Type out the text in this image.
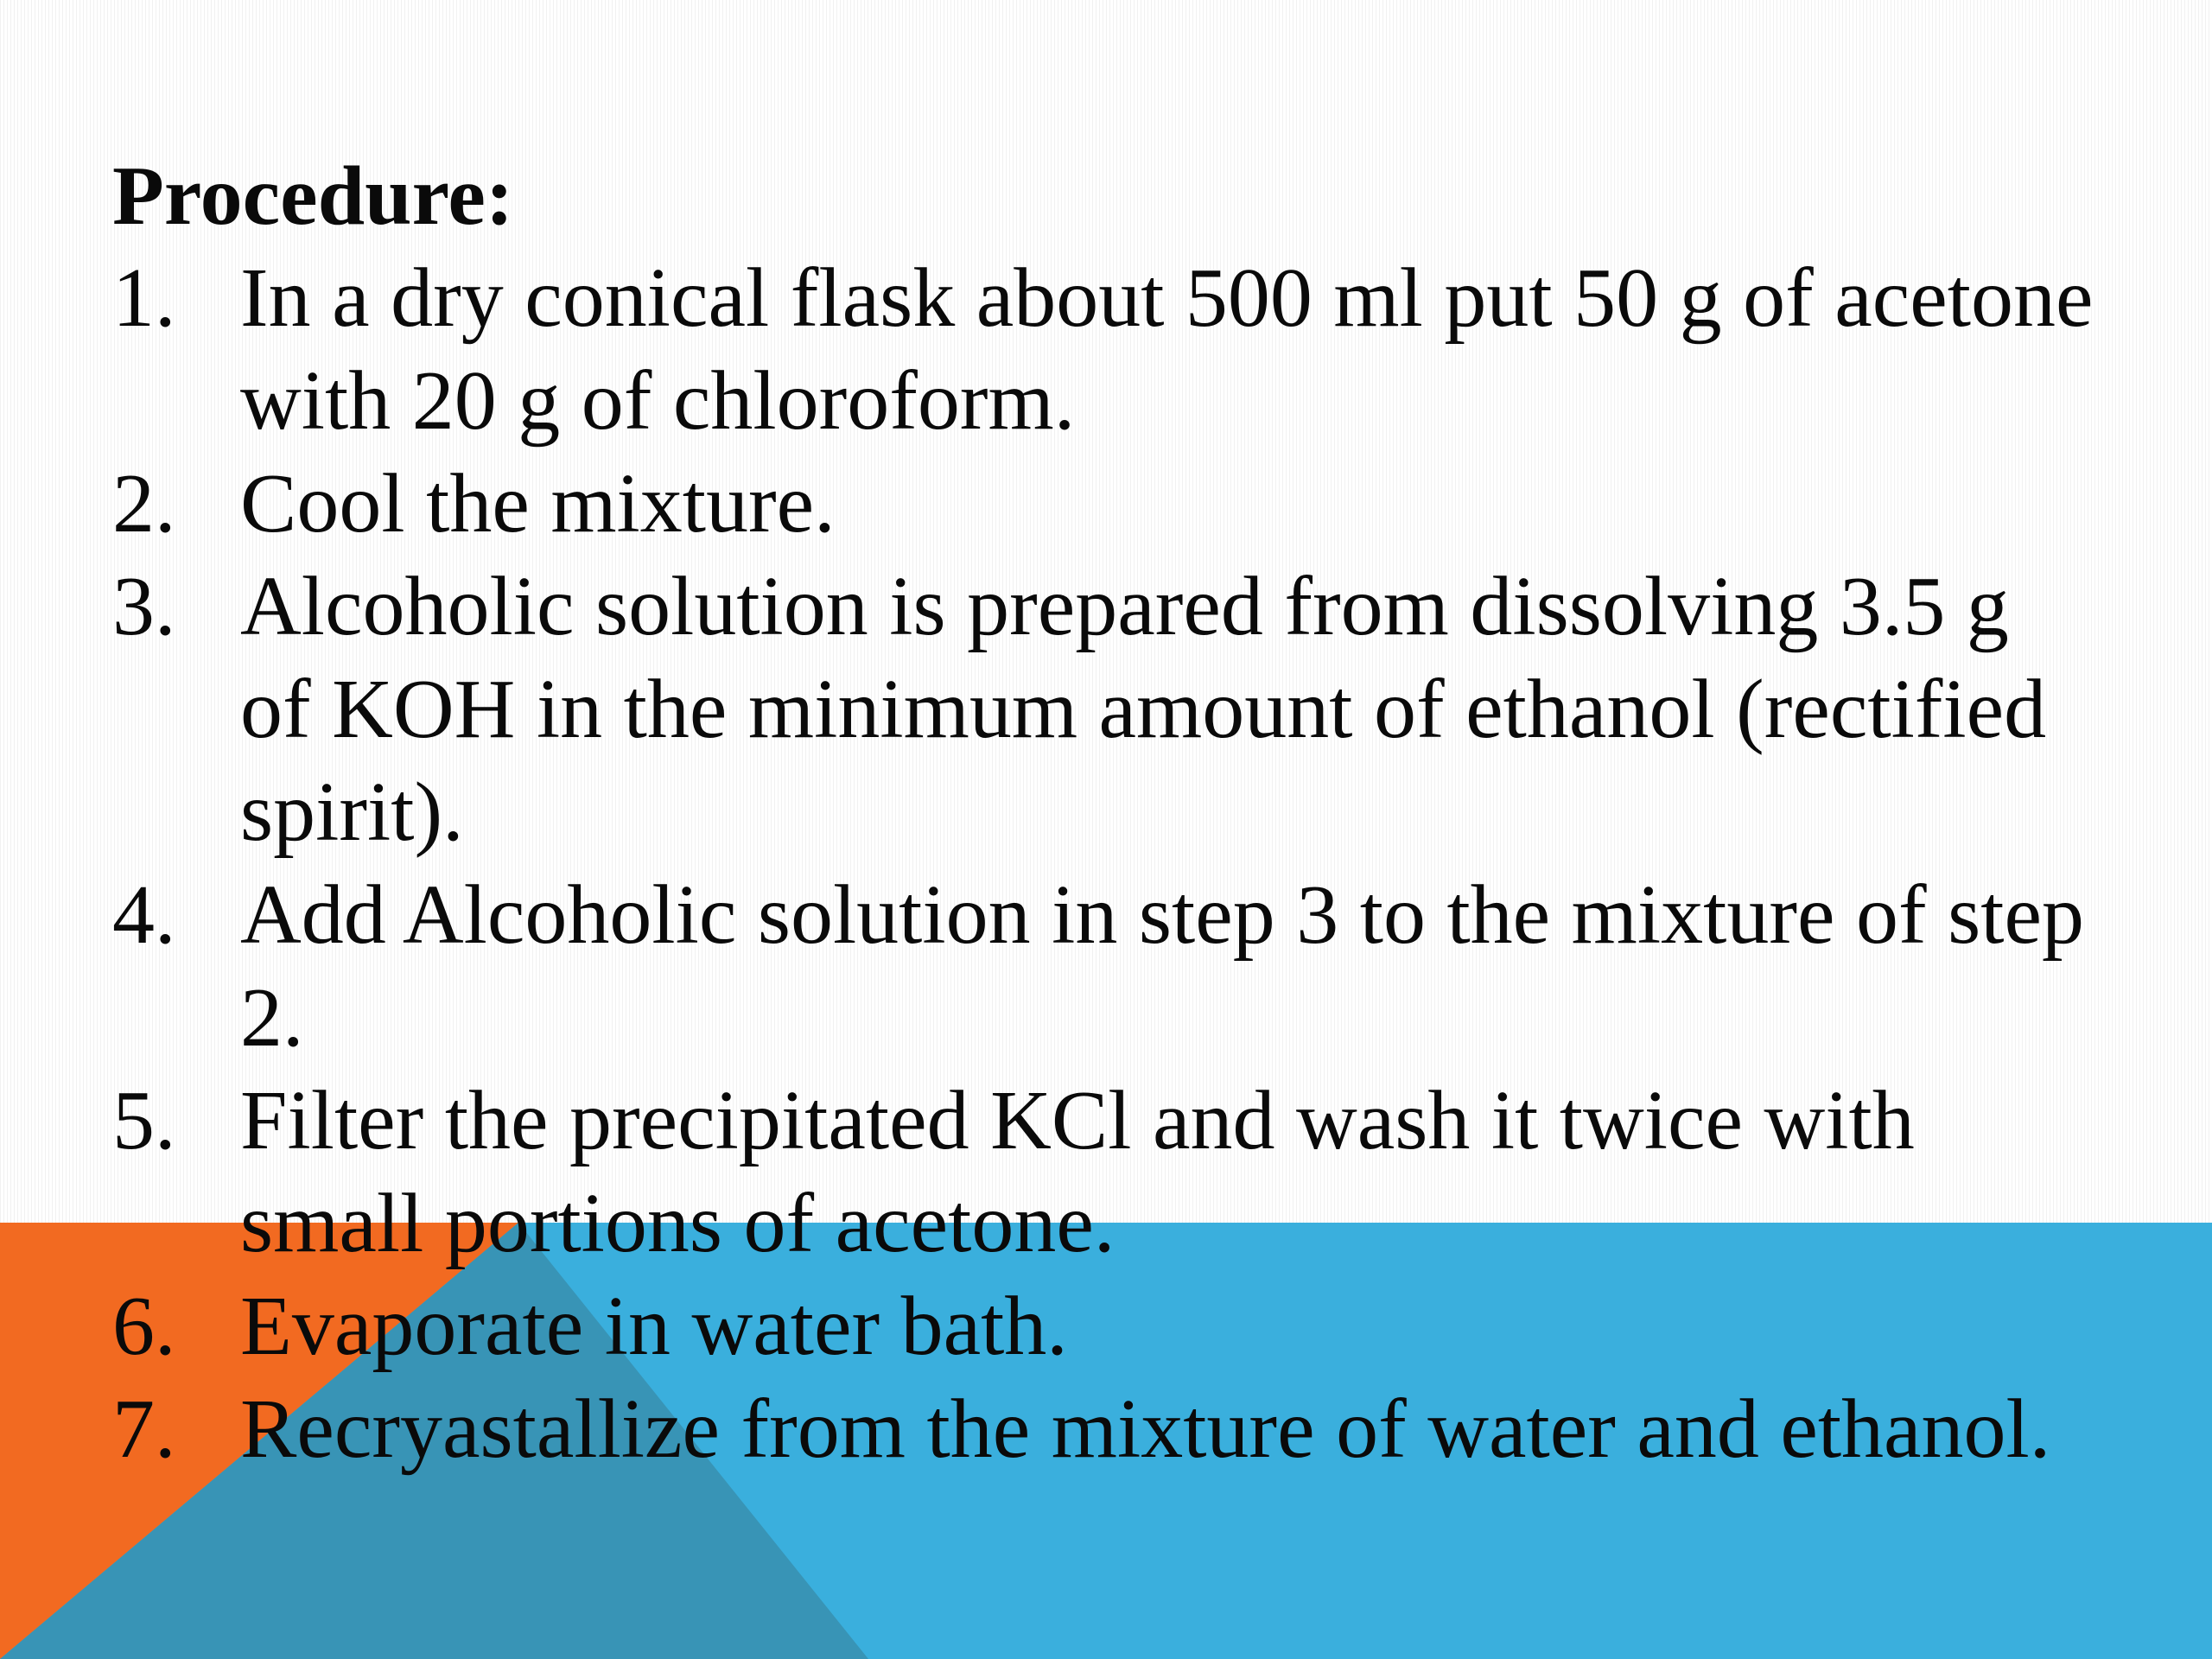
Procedure:

1. In a dry conical flask about 500 ml put 50 g of acetone with 20 g of chloroform.
2. Cool the mixture.
3. Alcoholic solution is prepared from dissolving 3.5 g of KOH in the minimum amount of ethanol (rectified spirit).
4. Add Alcoholic solution in step 3 to the mixture of step 2.
5. Filter the precipitated KCl and wash it twice with small portions of acetone.
6. Evaporate in water bath.
7. Recryastallize from the mixture of water and ethanol.
